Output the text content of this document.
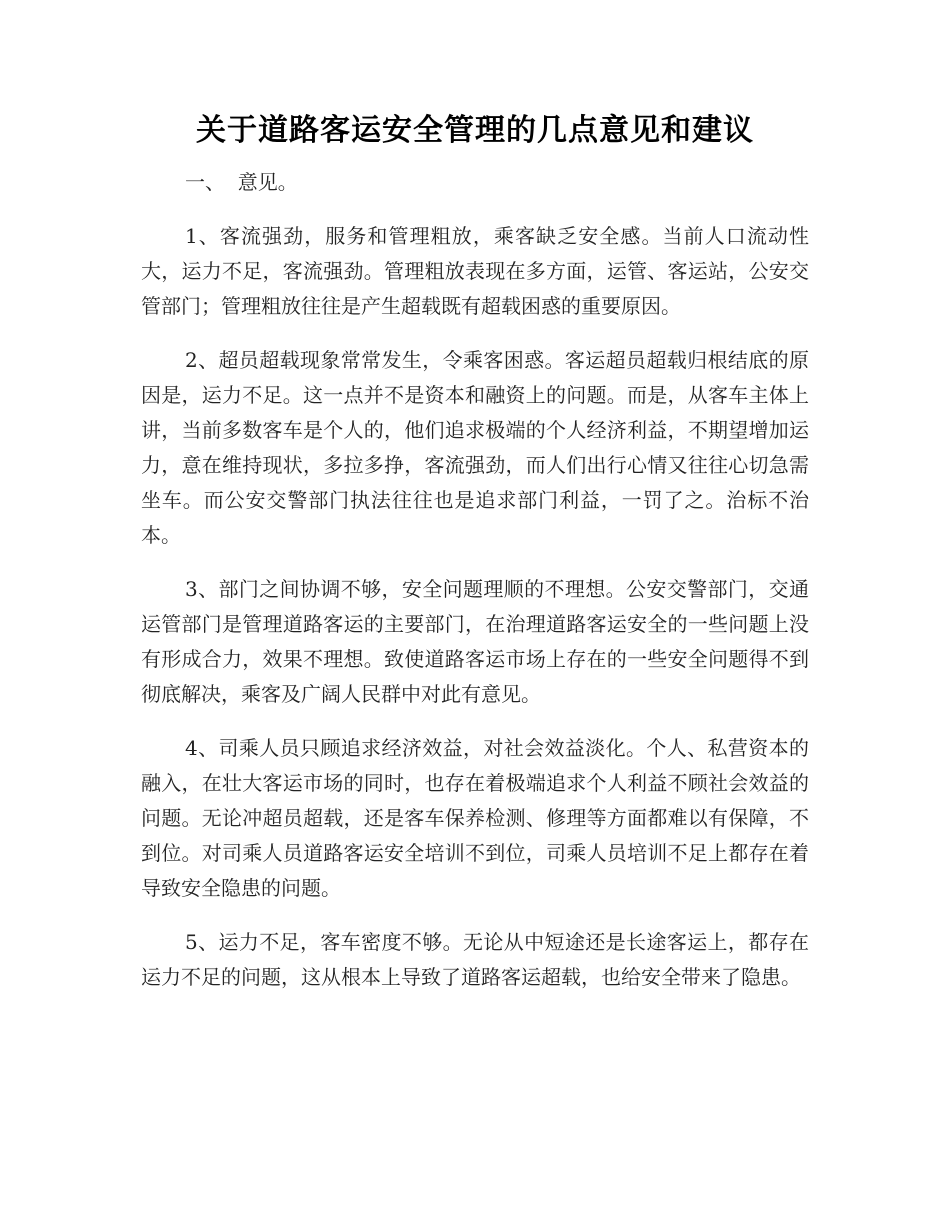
关于道路客运安全管理的几点意见和建议

一、  意见。

1、客流强劲，服务和管理粗放，乘客缺乏安全感。当前人口流动性大，运力不足，客流强劲。管理粗放表现在多方面，运管、客运站，公安交管部门；管理粗放往往是产生超载既有超载困惑的重要原因。

2、超员超载现象常常发生，令乘客困惑。客运超员超载归根结底的原因是，运力不足。这一点并不是资本和融资上的问题。而是，从客车主体上讲，当前多数客车是个人的，他们追求极端的个人经济利益，不期望增加运力，意在维持现状，多拉多挣，客流强劲，而人们出行心情又往往心切急需坐车。而公安交警部门执法往往也是追求部门利益，一罚了之。治标不治本。

3、部门之间协调不够，安全问题理顺的不理想。公安交警部门，交通运管部门是管理道路客运的主要部门，在治理道路客运安全的一些问题上没有形成合力，效果不理想。致使道路客运市场上存在的一些安全问题得不到彻底解决，乘客及广阔人民群中对此有意见。

4、司乘人员只顾追求经济效益，对社会效益淡化。个人、私营资本的融入，在壮大客运市场的同时，也存在着极端追求个人利益不顾社会效益的问题。无论冲超员超载，还是客车保养检测、修理等方面都难以有保障，不到位。对司乘人员道路客运安全培训不到位，司乘人员培训不足上都存在着导致安全隐患的问题。

5、运力不足，客车密度不够。无论从中短途还是长途客运上，都存在运力不足的问题，这从根本上导致了道路客运超载，也给安全带来了隐患。
